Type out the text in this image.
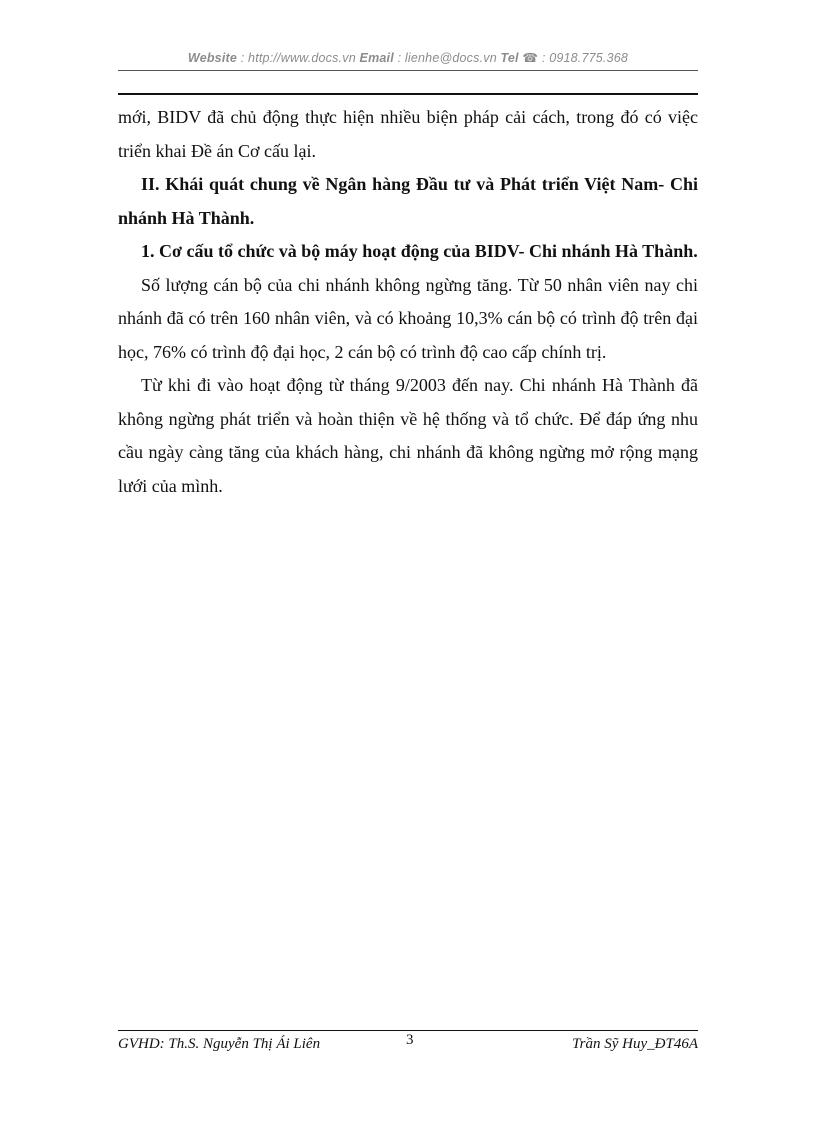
Website : http://www.docs.vn Email : lienhe@docs.vn Tel ☎ : 0918.775.368

mới, BIDV đã chủ động thực hiện nhiều biện pháp cải cách, trong đó có việc triển khai Đề án Cơ cấu lại.

II. Khái quát chung về Ngân hàng Đầu tư và Phát triển Việt Nam- Chi nhánh Hà Thành.

1. Cơ cấu tổ chức và bộ máy hoạt động của BIDV- Chi nhánh Hà Thành.

Số lượng cán bộ của chi nhánh không ngừng tăng. Từ 50 nhân viên nay chi nhánh đã có trên 160 nhân viên, và có khoảng 10,3% cán bộ có trình độ trên đại học, 76% có trình độ đại học, 2 cán bộ có trình độ cao cấp chính trị.

Từ khi đi vào hoạt động từ tháng 9/2003 đến nay. Chi nhánh Hà Thành đã không ngừng phát triển và hoàn thiện về hệ thống và tổ chức. Để đáp ứng nhu cầu ngày càng tăng của khách hàng, chi nhánh đã không ngừng mở rộng mạng lưới của mình.

GVHD: Th.S. Nguyễn Thị Ái Liên	3	Trần Sỹ Huy_ĐT46A
